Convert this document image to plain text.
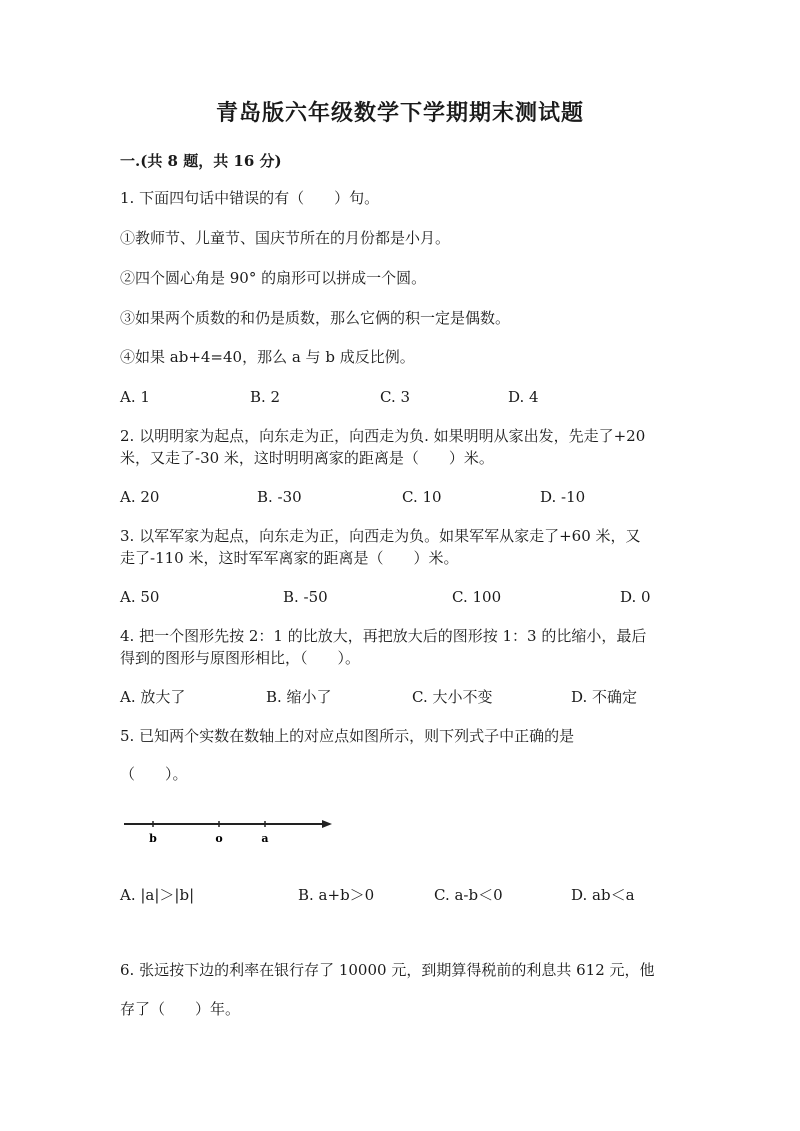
青岛版六年级数学下学期期末测试题
一.(共 8 题，共 16 分)
1. 下面四句话中错误的有（　　）句。
①教师节、儿童节、国庆节所在的月份都是小月。
②四个圆心角是 90° 的扇形可以拼成一个圆。
③如果两个质数的和仍是质数，那么它俩的积一定是偶数。
④如果 ab+4=40，那么 a 与 b 成反比例。
A. 1	B. 2	C. 3	D. 4
2. 以明明家为起点，向东走为正，向西走为负. 如果明明从家出发，先走了+20
米，又走了-30 米，这时明明离家的距离是（　　）米。
A. 20	B. -30	C. 10	D. -10
3. 以军军家为起点，向东走为正，向西走为负。如果军军从家走了+60 米，又
走了-110 米，这时军军离家的距离是（　　）米。
A. 50	B. -50	C. 100	D. 0
4. 把一个图形先按 2：1 的比放大，再把放大后的图形按 1：3 的比缩小，最后
得到的图形与原图形相比，（　　）。
A. 放大了	B. 缩小了	C. 大小不变	D. 不确定
5. 已知两个实数在数轴上的对应点如图所示，则下列式子中正确的是
（　　）。
b	o	a
A. |a|＞|b|	B. a+b＞0	C. a-b＜0	D. ab＜a
6. 张远按下边的利率在银行存了 10000 元，到期算得税前的利息共 612 元，他
存了（　　）年。
